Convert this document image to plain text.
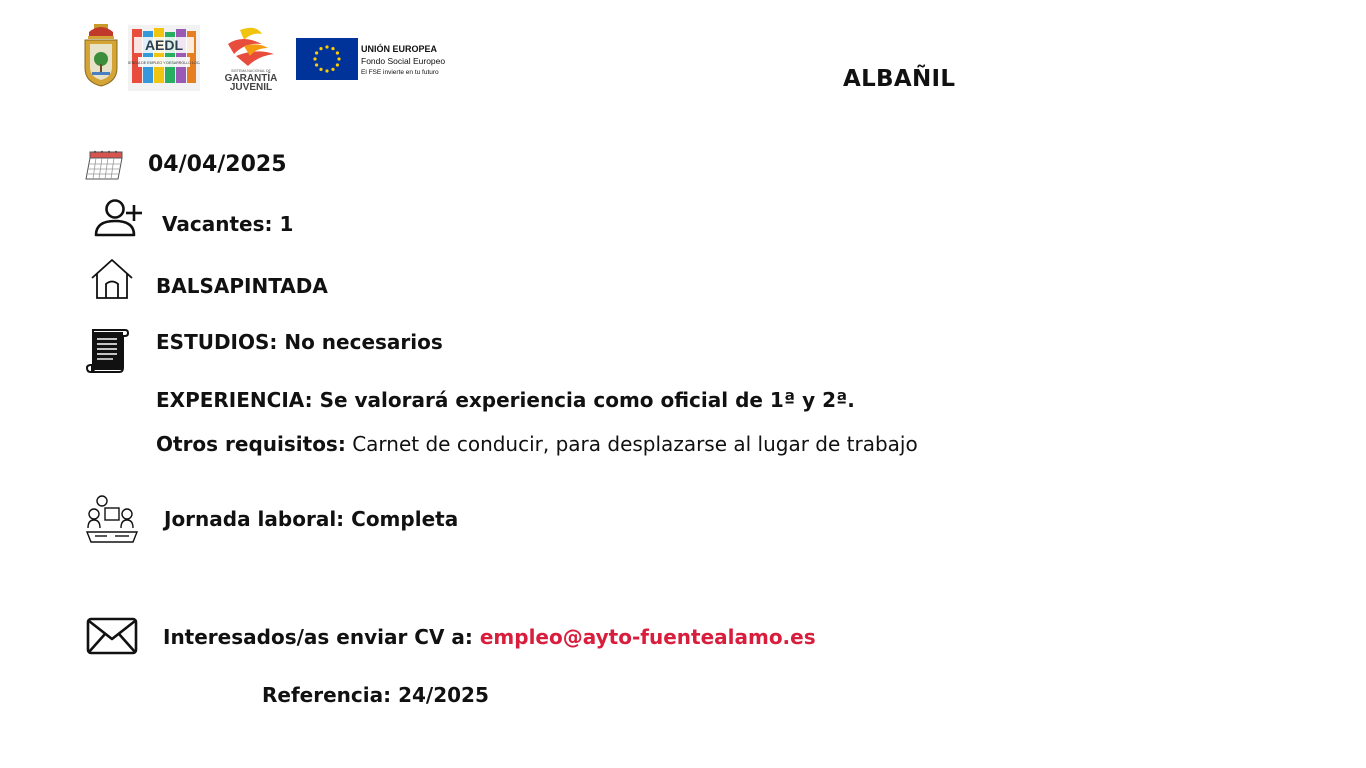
AEDL
AGENCIA DE EMPLEO Y DESARROLLO LOCAL
SISTEMA NACIONAL DE
GARANTÍA
JUVENIL
UNIÓN EUROPEA
Fondo Social Europeo
El FSE invierte en tu futuro	ALBAÑIL
04/04/2025
Vacantes: 1
BALSAPINTADA
ESTUDIOS: No necesarios
EXPERIENCIA: Se valorará experiencia como oficial de 1ª y 2ª.
Otros requisitos: Carnet de conducir, para desplazarse al lugar de trabajo
Jornada laboral: Completa
Interesados/as enviar CV a: empleo@ayto-fuentealamo.es
Referencia: 24/2025
